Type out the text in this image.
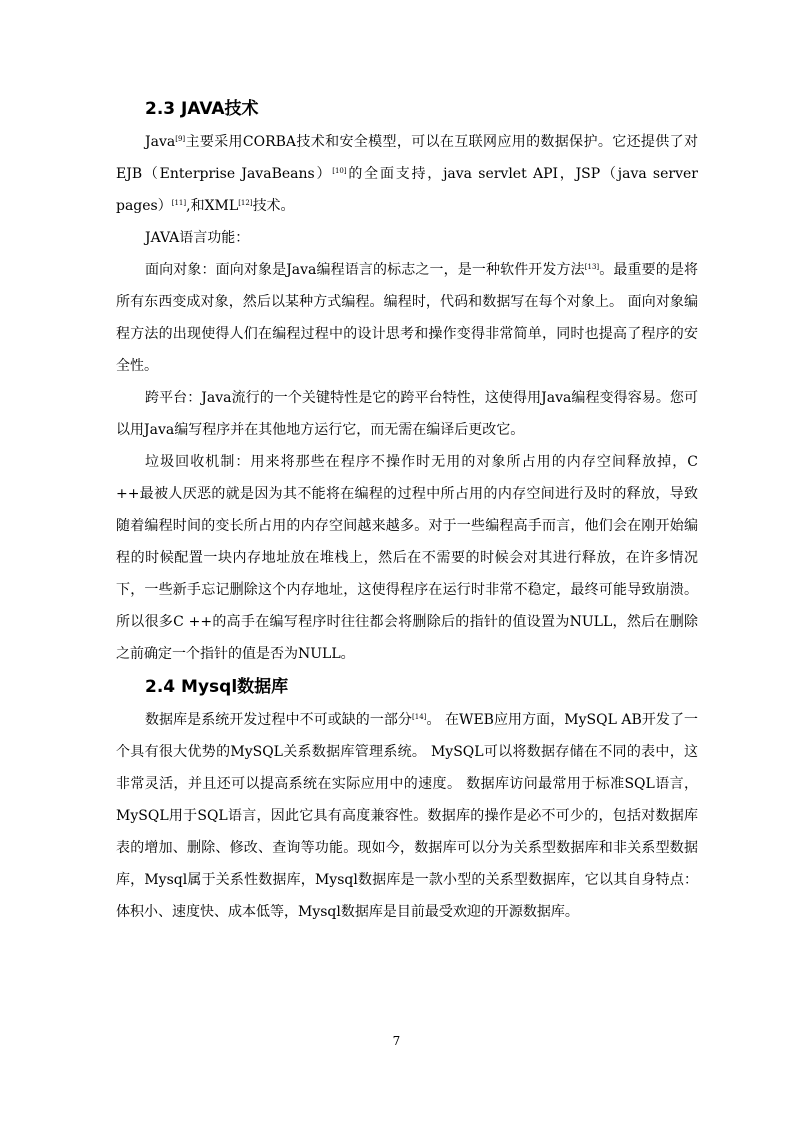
2.3 JAVA技术

Java[9]主要采用CORBA技术和安全模型，可以在互联网应用的数据保护。它还提供了对EJB（Enterprise JavaBeans）[10]的全面支持，java servlet API，JSP（java server pages）[11],和XML[12]技术。

JAVA语言功能：

面向对象：面向对象是Java编程语言的标志之一，是一种软件开发方法[13]。最重要的是将所有东西变成对象，然后以某种方式编程。编程时，代码和数据写在每个对象上。 面向对象编程方法的出现使得人们在编程过程中的设计思考和操作变得非常简单，同时也提高了程序的安全性。

跨平台：Java流行的一个关键特性是它的跨平台特性，这使得用Java编程变得容易。您可以用Java编写程序并在其他地方运行它，而无需在编译后更改它。

垃圾回收机制：用来将那些在程序不操作时无用的对象所占用的内存空间释放掉，C ++最被人厌恶的就是因为其不能将在编程的过程中所占用的内存空间进行及时的释放，导致随着编程时间的变长所占用的内存空间越来越多。对于一些编程高手而言，他们会在刚开始编程的时候配置一块内存地址放在堆栈上，然后在不需要的时候会对其进行释放，在许多情况下，一些新手忘记删除这个内存地址，这使得程序在运行时非常不稳定，最终可能导致崩溃。所以很多C ++的高手在编写程序时往往都会将删除后的指针的值设置为NULL，然后在删除之前确定一个指针的值是否为NULL。

2.4 Mysql数据库

数据库是系统开发过程中不可或缺的一部分[14]。 在WEB应用方面，MySQL AB开发了一个具有很大优势的MySQL关系数据库管理系统。 MySQL可以将数据存储在不同的表中，这非常灵活，并且还可以提高系统在实际应用中的速度。 数据库访问最常用于标准SQL语言，MySQL用于SQL语言，因此它具有高度兼容性。数据库的操作是必不可少的，包括对数据库表的增加、删除、修改、查询等功能。现如今，数据库可以分为关系型数据库和非关系型数据库，Mysql属于关系性数据库，Mysql数据库是一款小型的关系型数据库，它以其自身特点：体积小、速度快、成本低等，Mysql数据库是目前最受欢迎的开源数据库。

7
